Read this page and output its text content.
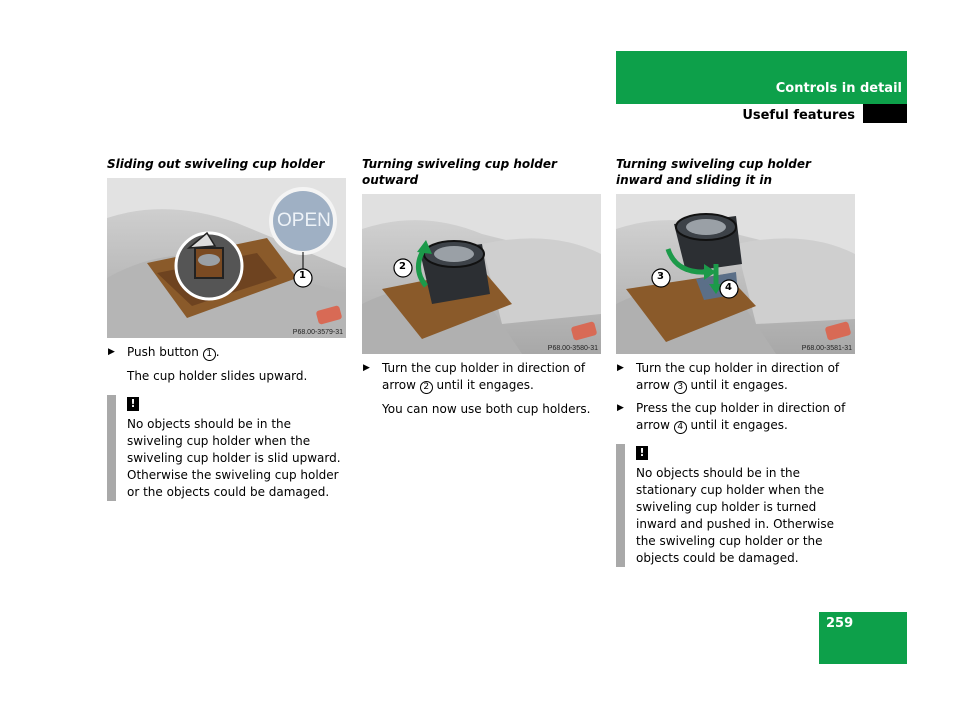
Controls in detail
Useful features
Sliding out swiveling cup holder
OPEN
1
P68.00-3579-31
▶ Push button 1 .
The cup holder slides upward.
!
No objects should be in the swiveling cup holder when the swiveling cup holder is slid upward. Otherwise the swiveling cup holder or the objects could be damaged.
Turning swiveling cup holder outward
2
P68.00-3580-31
▶ Turn the cup holder in direction of arrow 2 until it engages.
You can now use both cup holders.
Turning swiveling cup holder inward and sliding it in
3
4
P68.00-3581-31
▶ Turn the cup holder in direction of arrow 3 until it engages.
▶ Press the cup holder in direction of arrow 4 until it engages.
!
No objects should be in the stationary cup holder when the swiveling cup holder is turned inward and pushed in. Otherwise the swiveling cup holder or the objects could be damaged.
259
